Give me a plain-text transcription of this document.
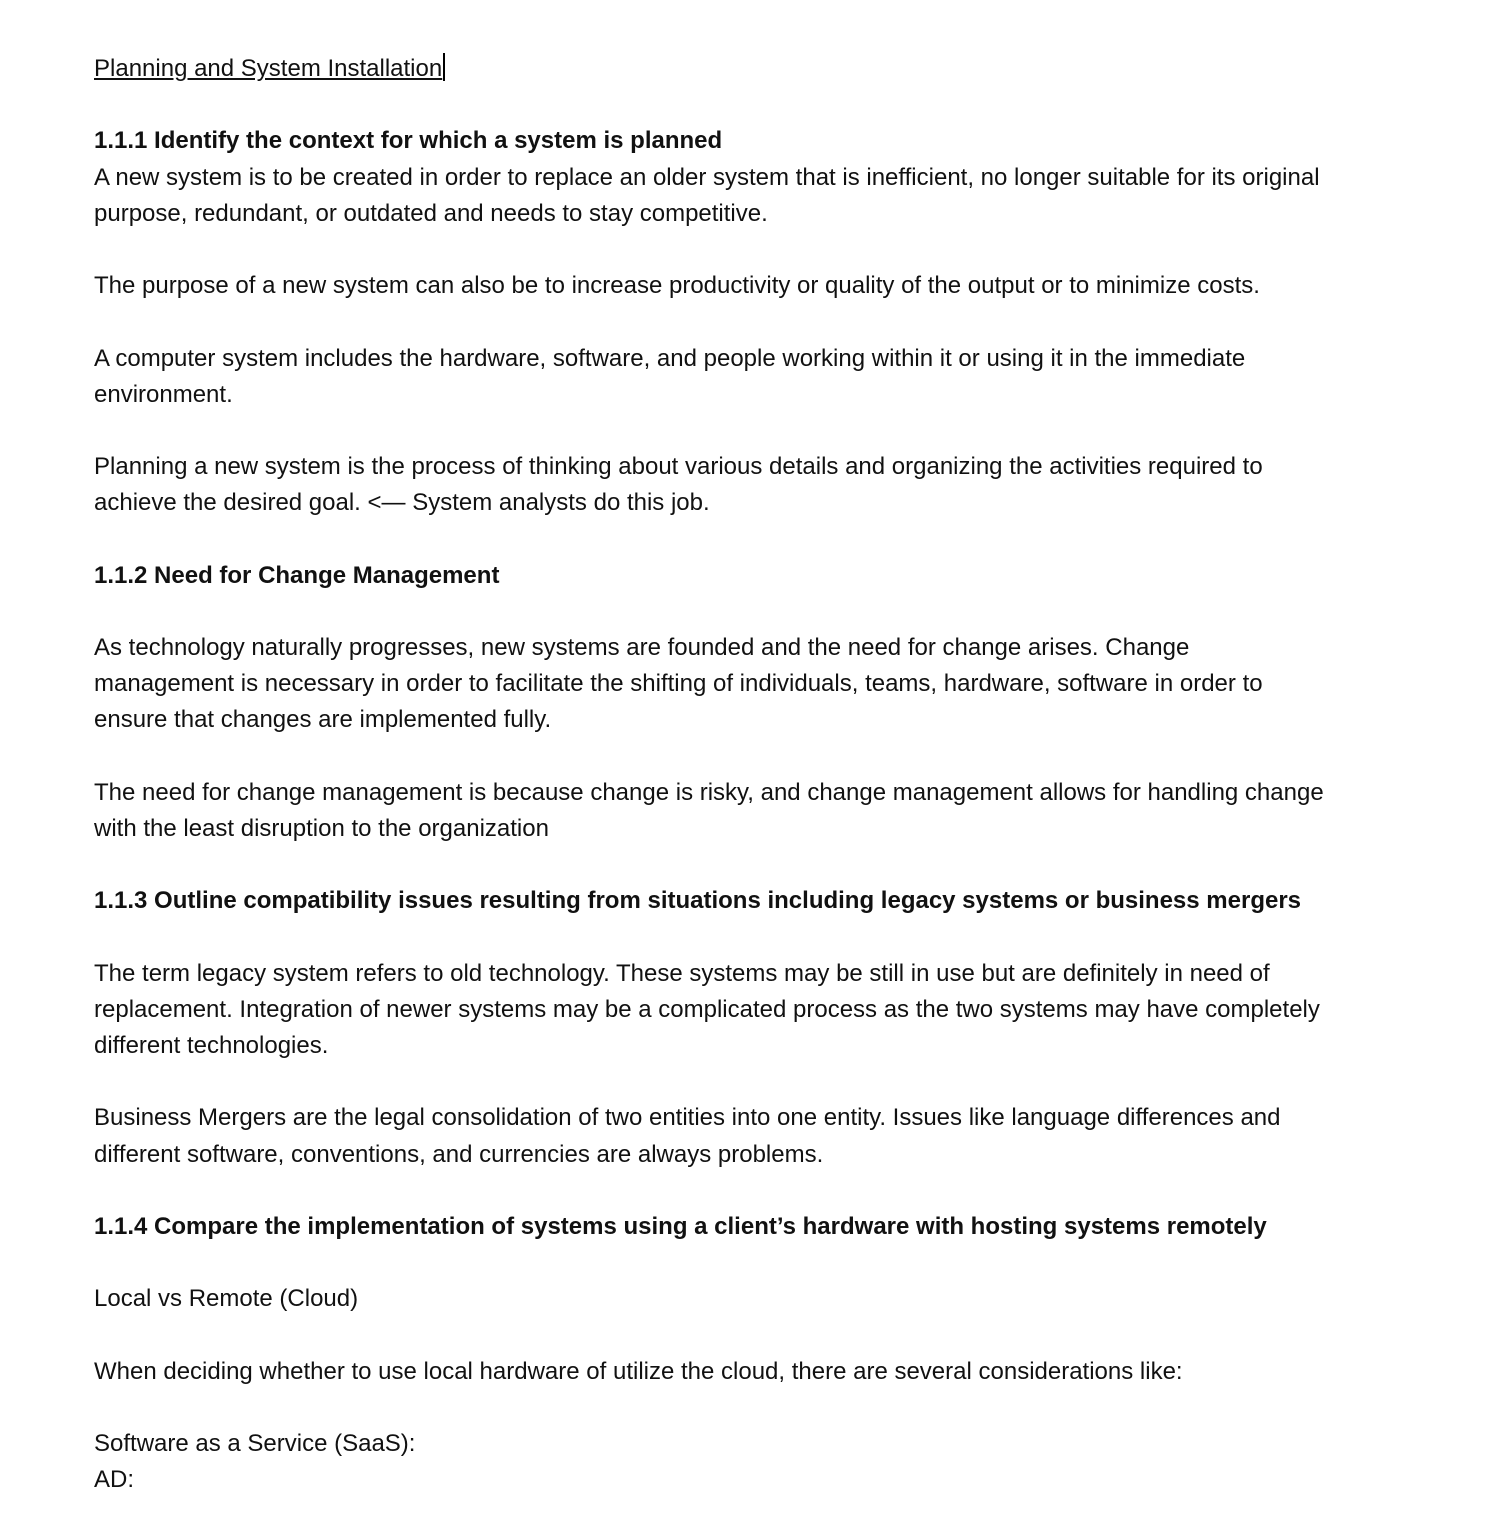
Planning and System Installation
1.1.1 Identify the context for which a system is planned
A new system is to be created in order to replace an older system that is inefficient, no longer suitable for its original
purpose, redundant, or outdated and needs to stay competitive.
The purpose of a new system can also be to increase productivity or quality of the output or to minimize costs.
A computer system includes the hardware, software, and people working within it or using it in the immediate
environment.
Planning a new system is the process of thinking about various details and organizing the activities required to
achieve the desired goal. <— System analysts do this job.
1.1.2 Need for Change Management
As technology naturally progresses, new systems are founded and the need for change arises. Change
management is necessary in order to facilitate the shifting of individuals, teams, hardware, software in order to
ensure that changes are implemented fully.
The need for change management is because change is risky, and change management allows for handling change
with the least disruption to the organization
1.1.3 Outline compatibility issues resulting from situations including legacy systems or business mergers
The term legacy system refers to old technology. These systems may be still in use but are definitely in need of
replacement. Integration of newer systems may be a complicated process as the two systems may have completely
different technologies.
Business Mergers are the legal consolidation of two entities into one entity. Issues like language differences and
different software, conventions, and currencies are always problems.
1.1.4 Compare the implementation of systems using a client’s hardware with hosting systems remotely
Local vs Remote (Cloud)
When deciding whether to use local hardware of utilize the cloud, there are several considerations like:
Software as a Service (SaaS):
AD:
